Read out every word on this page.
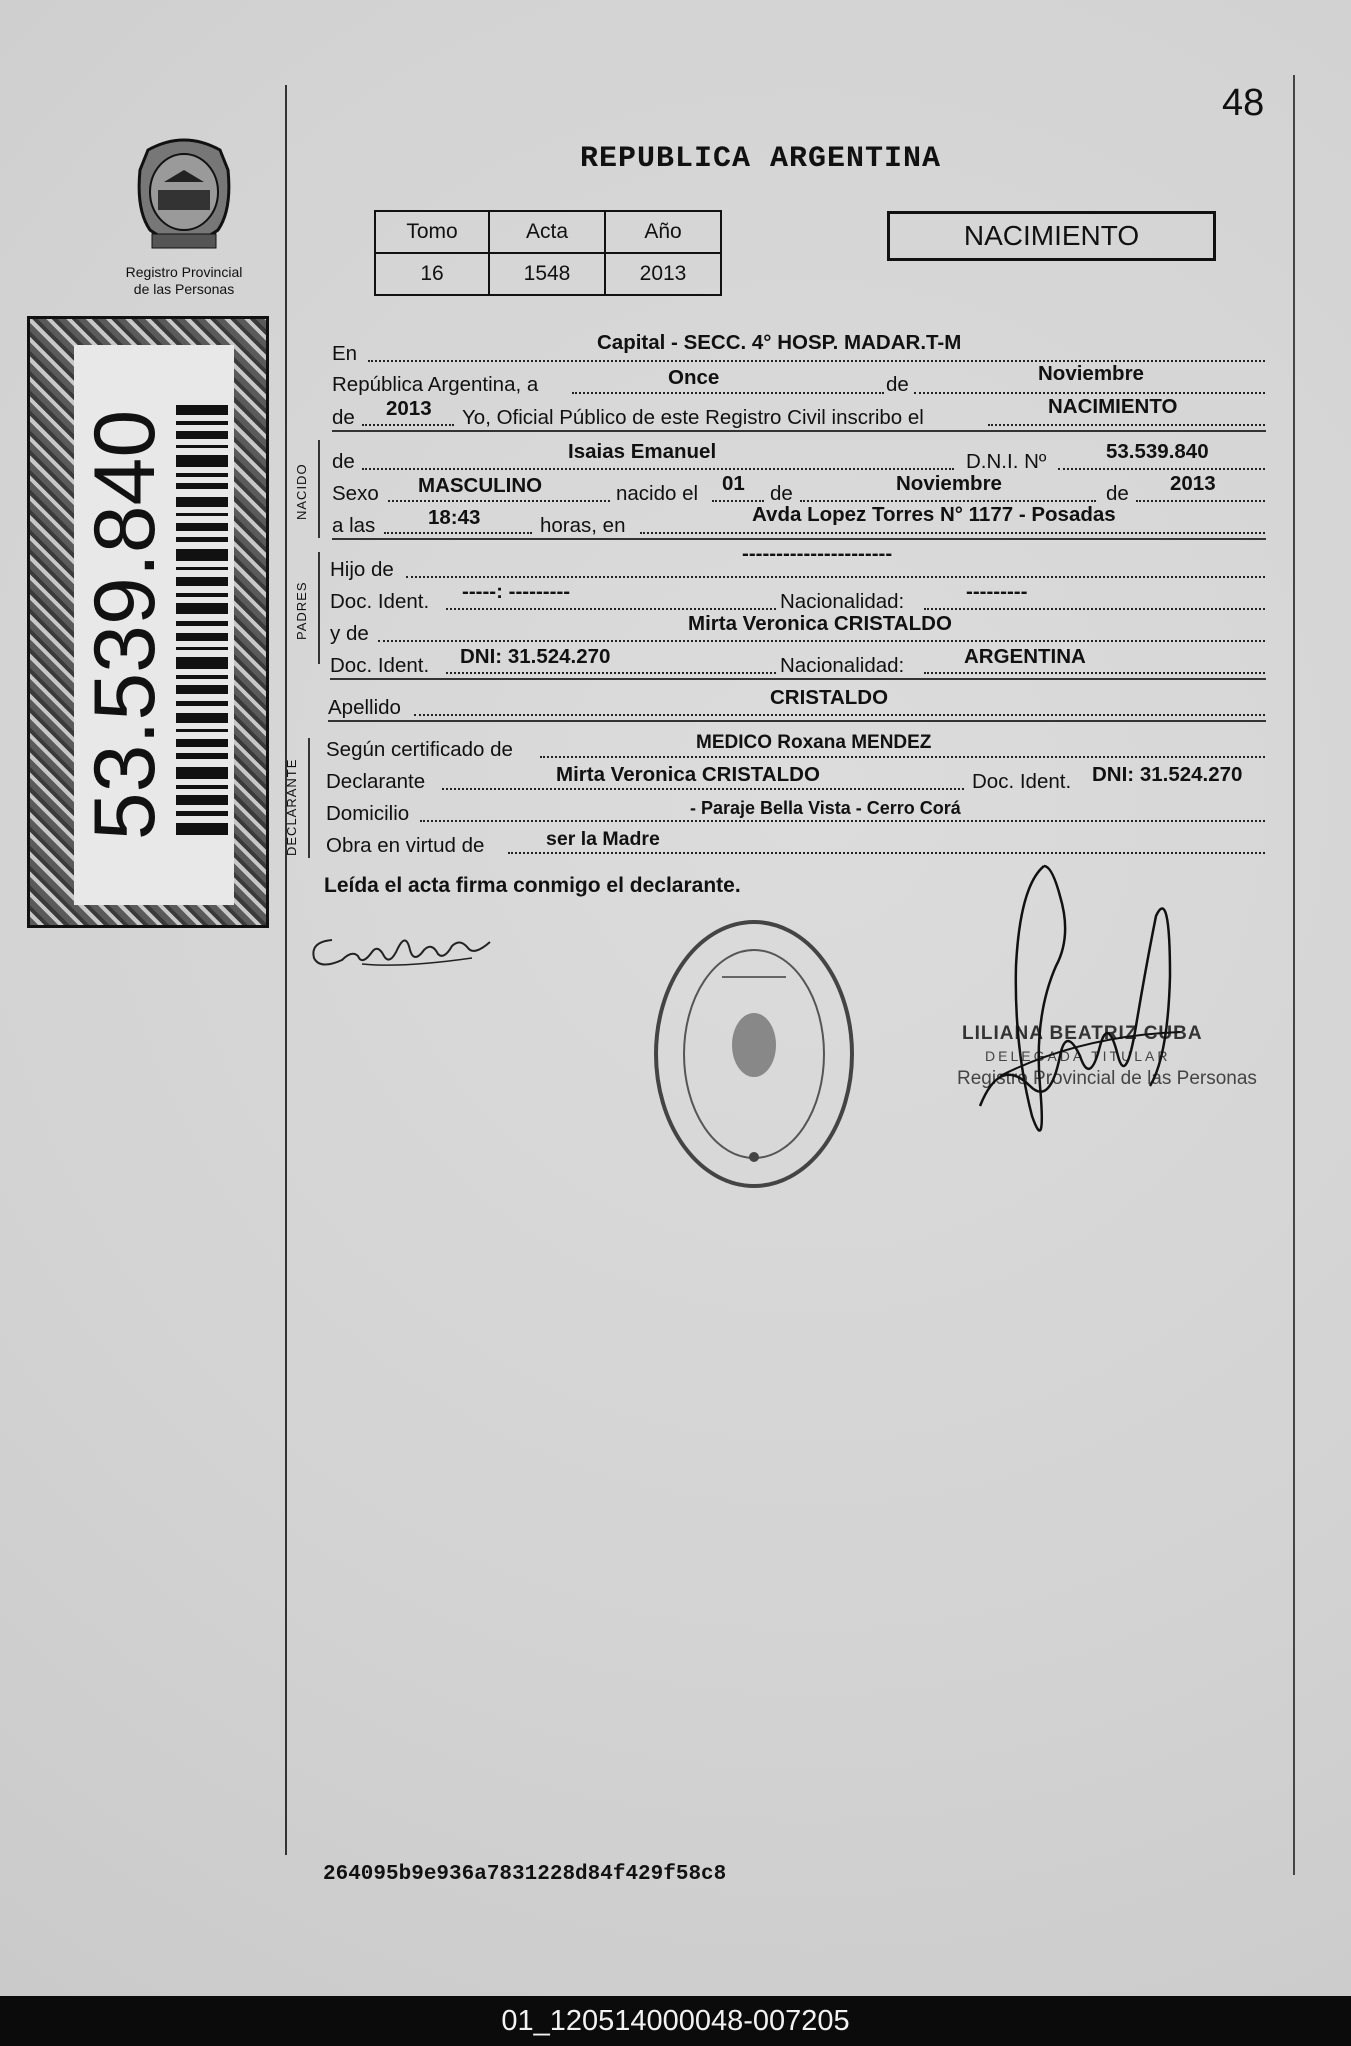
48
REPUBLICA ARGENTINA
Registro Provincial
de las Personas
53.539.840
Tomo	Acta	Año
16	1548	2013
NACIMIENTO
En	Capital - SECC. 4° HOSP. MADAR.T-M
República Argentina, a	Once	de	Noviembre
de 2013 Yo, Oficial Público de este Registro Civil inscribo el	NACIMIENTO
NACIDO
de	Isaias Emanuel	D.N.I. Nº	53.539.840
Sexo MASCULINO	nacido el 01 de	Noviembre	de 2013
a las	18:43	horas, en	Avda Lopez Torres N° 1177 - Posadas
PADRES
Hijo de
----------------------
Doc. Ident. -----: ---------	Nacionalidad:	---------
y de	Mirta Veronica CRISTALDO
Doc. Ident. DNI: 31.524.270	Nacionalidad:	ARGENTINA
Apellido	CRISTALDO
DECLARANTE
Según certificado de	MEDICO Roxana MENDEZ
Declarante	Mirta Veronica CRISTALDO	Doc. Ident. DNI: 31.524.270
Domicilio	- Paraje Bella Vista - Cerro Corá
Obra en virtud de	ser la Madre
Leída el acta firma conmigo el declarante.
LILIANA BEATRIZ CUBA
DELEGADA TITULAR
Registro Provincial de las Personas
264095b9e936a7831228d84f429f58c8
01_120514000048-007205
